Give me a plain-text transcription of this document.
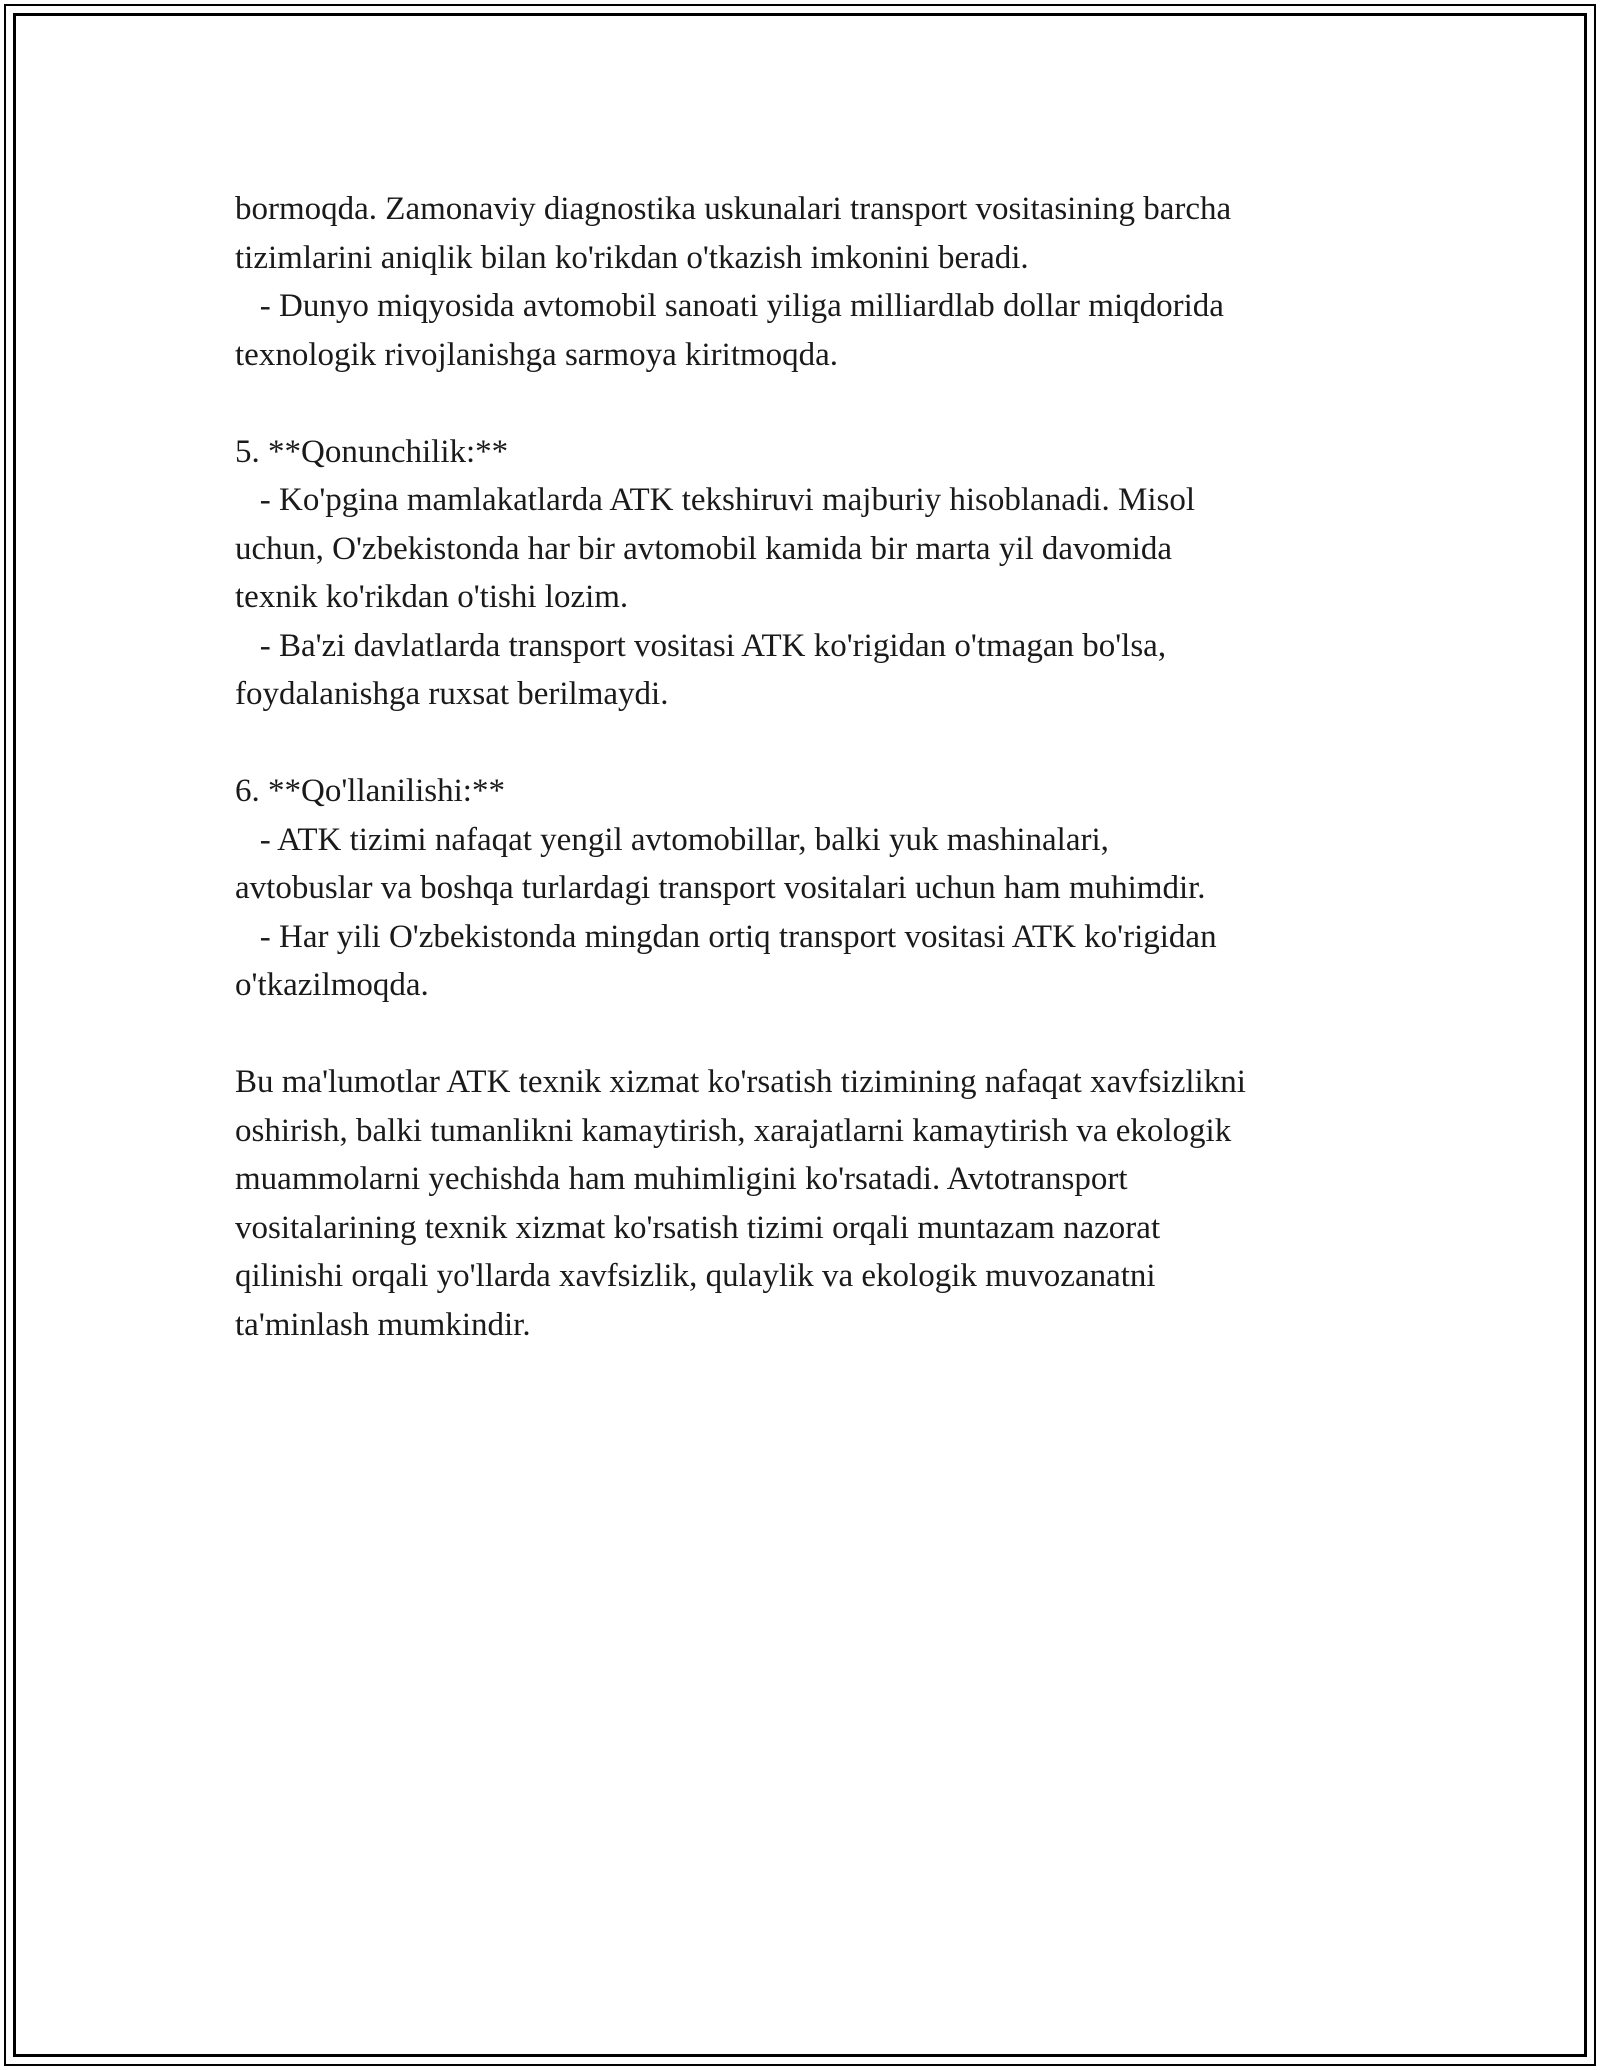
bormoqda. Zamonaviy diagnostika uskunalari transport vositasining barcha
tizimlarini aniqlik bilan ko'rikdan o'tkazish imkonini beradi.
- Dunyo miqyosida avtomobil sanoati yiliga milliardlab dollar miqdorida
texnologik rivojlanishga sarmoya kiritmoqda.
5. **Qonunchilik:**
- Ko'pgina mamlakatlarda ATK tekshiruvi majburiy hisoblanadi. Misol
uchun, O'zbekistonda har bir avtomobil kamida bir marta yil davomida
texnik ko'rikdan o'tishi lozim.
- Ba'zi davlatlarda transport vositasi ATK ko'rigidan o'tmagan bo'lsa,
foydalanishga ruxsat berilmaydi.
6. **Qo'llanilishi:**
- ATK tizimi nafaqat yengil avtomobillar, balki yuk mashinalari,
avtobuslar va boshqa turlardagi transport vositalari uchun ham muhimdir.
- Har yili O'zbekistonda mingdan ortiq transport vositasi ATK ko'rigidan
o'tkazilmoqda.
Bu ma'lumotlar ATK texnik xizmat ko'rsatish tizimining nafaqat xavfsizlikni
oshirish, balki tumanlikni kamaytirish, xarajatlarni kamaytirish va ekologik
muammolarni yechishda ham muhimligini ko'rsatadi. Avtotransport
vositalarining texnik xizmat ko'rsatish tizimi orqali muntazam nazorat
qilinishi orqali yo'llarda xavfsizlik, qulaylik va ekologik muvozanatni
ta'minlash mumkindir.
